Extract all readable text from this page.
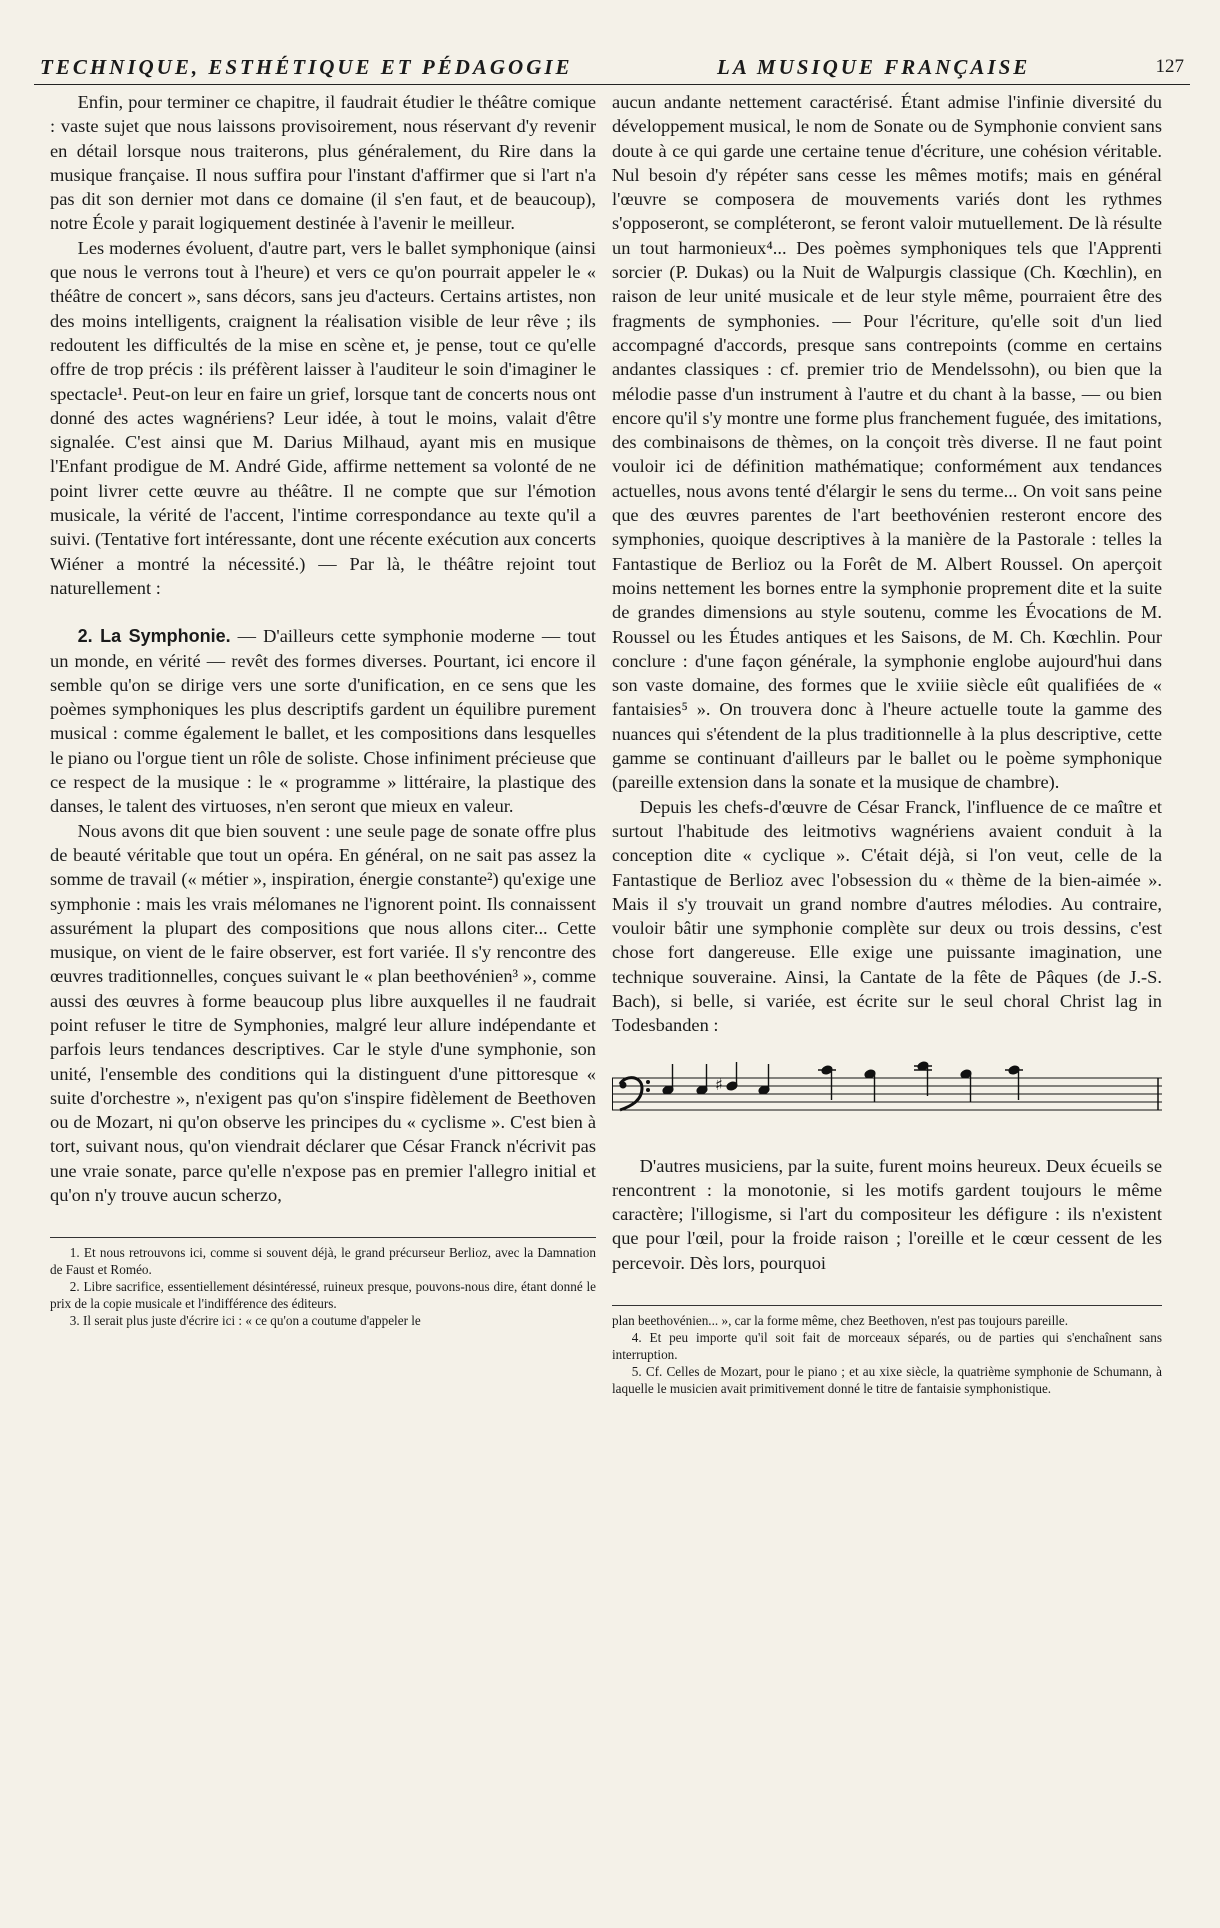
TECHNIQUE, ESTHÉTIQUE ET PÉDAGOGIE	LA MUSIQUE FRANÇAISE	127

Enfin, pour terminer ce chapitre, il faudrait étudier le théâtre comique : vaste sujet que nous laissons provisoirement, nous réservant d'y revenir en détail lorsque nous traiterons, plus généralement, du Rire dans la musique française. Il nous suffira pour l'instant d'affirmer que si l'art n'a pas dit son dernier mot dans ce domaine (il s'en faut, et de beaucoup), notre École y parait logiquement destinée à l'avenir le meilleur.

Les modernes évoluent, d'autre part, vers le ballet symphonique (ainsi que nous le verrons tout à l'heure) et vers ce qu'on pourrait appeler le « théâtre de concert », sans décors, sans jeu d'acteurs. Certains artistes, non des moins intelligents, craignent la réalisation visible de leur rêve ; ils redoutent les difficultés de la mise en scène et, je pense, tout ce qu'elle offre de trop précis : ils préfèrent laisser à l'auditeur le soin d'imaginer le spectacle¹. Peut-on leur en faire un grief, lorsque tant de concerts nous ont donné des actes wagnériens? Leur idée, à tout le moins, valait d'être signalée. C'est ainsi que M. Darius Milhaud, ayant mis en musique l'Enfant prodigue de M. André Gide, affirme nettement sa volonté de ne point livrer cette œuvre au théâtre. Il ne compte que sur l'émotion musicale, la vérité de l'accent, l'intime correspondance au texte qu'il a suivi. (Tentative fort intéressante, dont une récente exécution aux concerts Wiéner a montré la nécessité.) — Par là, le théâtre rejoint tout naturellement :

2. La Symphonie. — D'ailleurs cette symphonie moderne — tout un monde, en vérité — revêt des formes diverses. Pourtant, ici encore il semble qu'on se dirige vers une sorte d'unification, en ce sens que les poèmes symphoniques les plus descriptifs gardent un équilibre purement musical : comme également le ballet, et les compositions dans lesquelles le piano ou l'orgue tient un rôle de soliste. Chose infiniment précieuse que ce respect de la musique : le « programme » littéraire, la plastique des danses, le talent des virtuoses, n'en seront que mieux en valeur.

Nous avons dit que bien souvent : une seule page de sonate offre plus de beauté véritable que tout un opéra. En général, on ne sait pas assez la somme de travail (« métier », inspiration, énergie constante²) qu'exige une symphonie : mais les vrais mélomanes ne l'ignorent point. Ils connaissent assurément la plupart des compositions que nous allons citer... Cette musique, on vient de le faire observer, est fort variée. Il s'y rencontre des œuvres traditionnelles, conçues suivant le « plan beethovénien³ », comme aussi des œuvres à forme beaucoup plus libre auxquelles il ne faudrait point refuser le titre de Symphonies, malgré leur allure indépendante et parfois leurs tendances descriptives. Car le style d'une symphonie, son unité, l'ensemble des conditions qui la distinguent d'une pittoresque « suite d'orchestre », n'exigent pas qu'on s'inspire fidèlement de Beethoven ou de Mozart, ni qu'on observe les principes du « cyclisme ». C'est bien à tort, suivant nous, qu'on viendrait déclarer que César Franck n'écrivit pas une vraie sonate, parce qu'elle n'expose pas en premier l'allegro initial et qu'on n'y trouve aucun scherzo,

1. Et nous retrouvons ici, comme si souvent déjà, le grand précurseur Berlioz, avec la Damnation de Faust et Roméo.

2. Libre sacrifice, essentiellement désintéressé, ruineux presque, pouvons-nous dire, étant donné le prix de la copie musicale et l'indifférence des éditeurs.

3. Il serait plus juste d'écrire ici : « ce qu'on a coutume d'appeler le

aucun andante nettement caractérisé. Étant admise l'infinie diversité du développement musical, le nom de Sonate ou de Symphonie convient sans doute à ce qui garde une certaine tenue d'écriture, une cohésion véritable. Nul besoin d'y répéter sans cesse les mêmes motifs; mais en général l'œuvre se composera de mouvements variés dont les rythmes s'opposeront, se compléteront, se feront valoir mutuellement. De là résulte un tout harmonieux⁴... Des poèmes symphoniques tels que l'Apprenti sorcier (P. Dukas) ou la Nuit de Walpurgis classique (Ch. Kœchlin), en raison de leur unité musicale et de leur style même, pourraient être des fragments de symphonies. — Pour l'écriture, qu'elle soit d'un lied accompagné d'accords, presque sans contrepoints (comme en certains andantes classiques : cf. premier trio de Mendelssohn), ou bien que la mélodie passe d'un instrument à l'autre et du chant à la basse, — ou bien encore qu'il s'y montre une forme plus franchement fuguée, des imitations, des combinaisons de thèmes, on la conçoit très diverse. Il ne faut point vouloir ici de définition mathématique; conformément aux tendances actuelles, nous avons tenté d'élargir le sens du terme... On voit sans peine que des œuvres parentes de l'art beethovénien resteront encore des symphonies, quoique descriptives à la manière de la Pastorale : telles la Fantastique de Berlioz ou la Forêt de M. Albert Roussel. On aperçoit moins nettement les bornes entre la symphonie proprement dite et la suite de grandes dimensions au style soutenu, comme les Évocations de M. Roussel ou les Études antiques et les Saisons, de M. Ch. Kœchlin. Pour conclure : d'une façon générale, la symphonie englobe aujourd'hui dans son vaste domaine, des formes que le xviiie siècle eût qualifiées de « fantaisies⁵ ». On trouvera donc à l'heure actuelle toute la gamme des nuances qui s'étendent de la plus traditionnelle à la plus descriptive, cette gamme se continuant d'ailleurs par le ballet ou le poème symphonique (pareille extension dans la sonate et la musique de chambre).

Depuis les chefs-d'œuvre de César Franck, l'influence de ce maître et surtout l'habitude des leitmotivs wagnériens avaient conduit à la conception dite « cyclique ». C'était déjà, si l'on veut, celle de la Fantastique de Berlioz avec l'obsession du « thème de la bien-aimée ». Mais il s'y trouvait un grand nombre d'autres mélodies. Au contraire, vouloir bâtir une symphonie complète sur deux ou trois dessins, c'est chose fort dangereuse. Elle exige une puissante imagination, une technique souveraine. Ainsi, la Cantate de la fête de Pâques (de J.-S. Bach), si belle, si variée, est écrite sur le seul choral Christ lag in Todesbanden :

♯

D'autres musiciens, par la suite, furent moins heureux. Deux écueils se rencontrent : la monotonie, si les motifs gardent toujours le même caractère; l'illogisme, si l'art du compositeur les défigure : ils n'existent que pour l'œil, pour la froide raison ; l'oreille et le cœur cessent de les percevoir. Dès lors, pourquoi

plan beethovénien... », car la forme même, chez Beethoven, n'est pas toujours pareille.

4. Et peu importe qu'il soit fait de morceaux séparés, ou de parties qui s'enchaînent sans interruption.

5. Cf. Celles de Mozart, pour le piano ; et au xixe siècle, la quatrième symphonie de Schumann, à laquelle le musicien avait primitivement donné le titre de fantaisie symphonistique.
